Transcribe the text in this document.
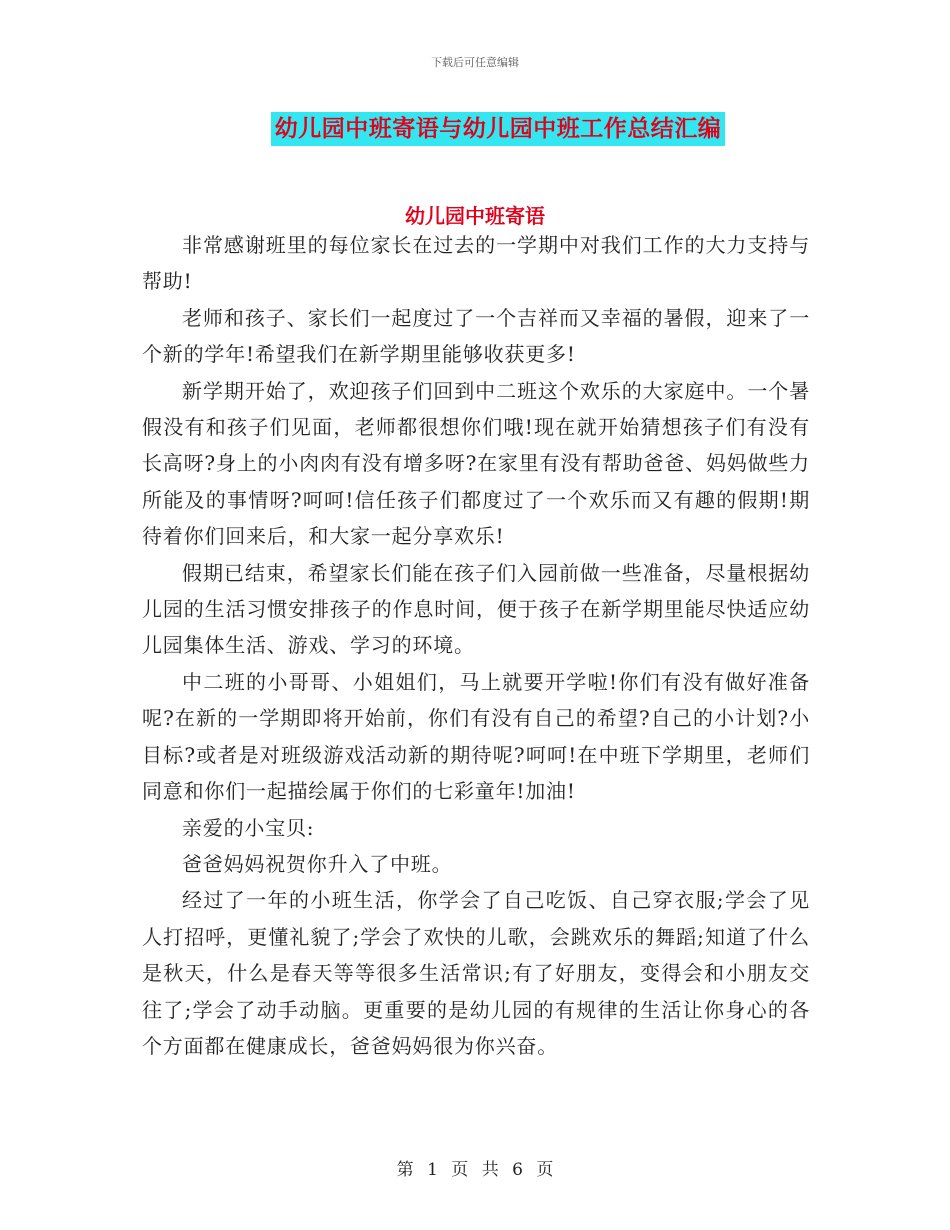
下载后可任意编辑
幼儿园中班寄语与幼儿园中班工作总结汇编
幼儿园中班寄语

非常感谢班里的每位家长在过去的一学期中对我们工作的大力支持与帮助!

老师和孩子、家长们一起度过了一个吉祥而又幸福的暑假，迎来了一个新的学年!希望我们在新学期里能够收获更多!

新学期开始了，欢迎孩子们回到中二班这个欢乐的大家庭中。一个暑假没有和孩子们见面，老师都很想你们哦!现在就开始猜想孩子们有没有长高呀?身上的小肉肉有没有增多呀?在家里有没有帮助爸爸、妈妈做些力所能及的事情呀?呵呵!信任孩子们都度过了一个欢乐而又有趣的假期!期待着你们回来后，和大家一起分享欢乐!

假期已结束，希望家长们能在孩子们入园前做一些准备，尽量根据幼儿园的生活习惯安排孩子的作息时间，便于孩子在新学期里能尽快适应幼儿园集体生活、游戏、学习的环境。

中二班的小哥哥、小姐姐们，马上就要开学啦!你们有没有做好准备呢?在新的一学期即将开始前，你们有没有自己的希望?自己的小计划?小目标?或者是对班级游戏活动新的期待呢?呵呵!在中班下学期里，老师们同意和你们一起描绘属于你们的七彩童年!加油!

亲爱的小宝贝:

爸爸妈妈祝贺你升入了中班。

经过了一年的小班生活，你学会了自己吃饭、自己穿衣服;学会了见人打招呼，更懂礼貌了;学会了欢快的儿歌，会跳欢乐的舞蹈;知道了什么是秋天，什么是春天等等很多生活常识;有了好朋友，变得会和小朋友交往了;学会了动手动脑。更重要的是幼儿园的有规律的生活让你身心的各个方面都在健康成长，爸爸妈妈很为你兴奋。

第 1 页 共 6 页
